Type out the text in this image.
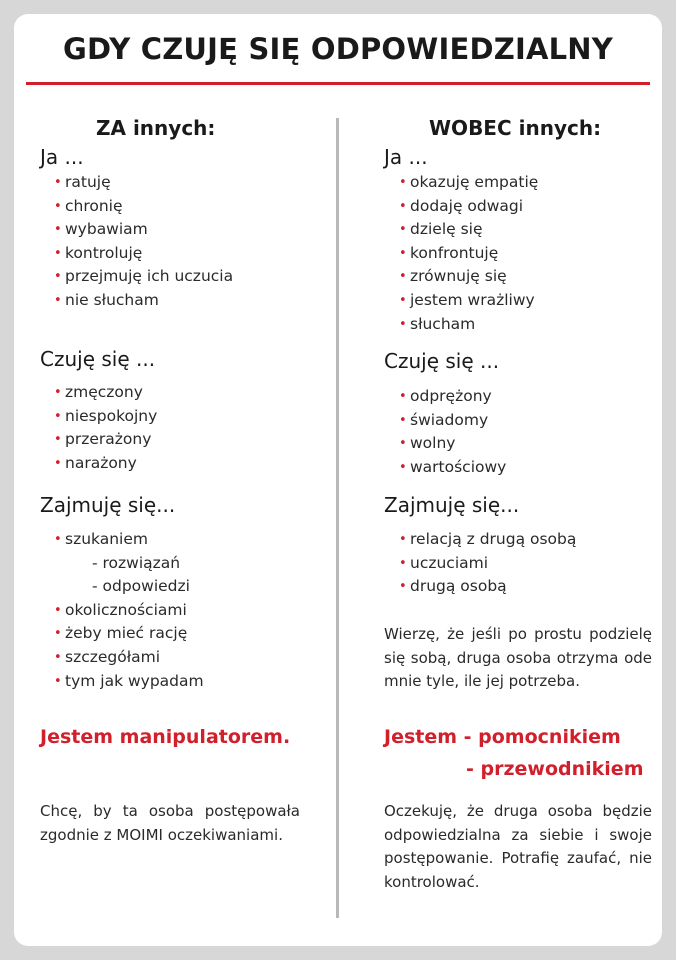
GDY CZUJĘ SIĘ ODPOWIEDZIALNY
ZA innych:
Ja ...
• ratuję
• chronię
• wybawiam
• kontroluję
• przejmuję ich uczucia
• nie słucham
Czuję się ...
• zmęczony
• niespokojny
• przerażony
• narażony
Zajmuję się...
• szukaniem
- rozwiązań
- odpowiedzi
• okolicznościami
• żeby mieć rację
• szczegółami
• tym jak wypadam
Jestem manipulatorem.
Chcę, by ta osoba postępowała zgodnie z MOIMI oczekiwaniami.
WOBEC innych:
Ja ...
• okazuję empatię
• dodaję odwagi
• dzielę się
• konfrontuję
• zrównuję się
• jestem wrażliwy
• słucham
Czuję się ...
• odprężony
• świadomy
• wolny
• wartościowy
Zajmuję się...
• relacją z drugą osobą
• uczuciami
• drugą osobą
Wierzę, że jeśli po prostu podzielę się sobą, druga osoba otrzyma ode mnie tyle, ile jej potrzeba.
Jestem - pomocnikiem
- przewodnikiem
Oczekuję, że druga osoba będzie odpowiedzialna za siebie i swoje postępowanie. Potrafię zaufać, nie kontrolować.
